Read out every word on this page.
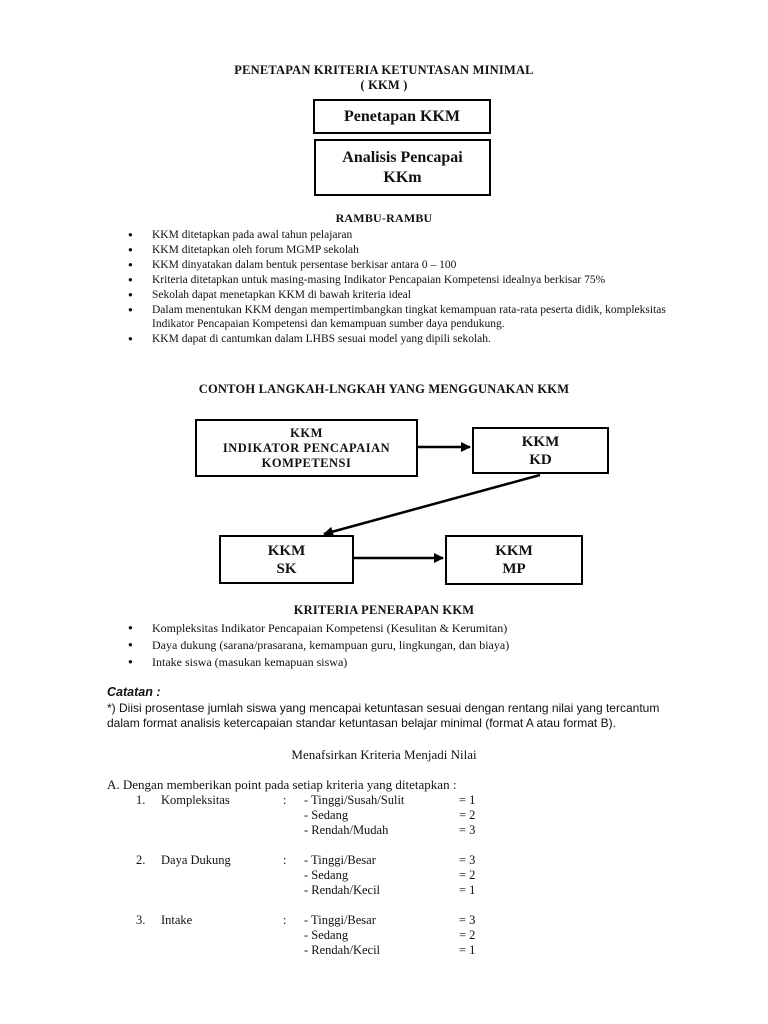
PENETAPAN KRITERIA KETUNTASAN MINIMAL
( KKM )
Penetapan KKM
Analisis Pencapai
KKm
RAMBU-RAMBU
● KKM ditetapkan pada awal tahun pelajaran
● KKM ditetapkan oleh forum MGMP sekolah
● KKM dinyatakan dalam bentuk persentase berkisar antara 0 – 100
● Kriteria ditetapkan untuk masing-masing Indikator Pencapaian Kompetensi idealnya berkisar 75%
● Sekolah dapat menetapkan KKM di bawah kriteria ideal
● Dalam menentukan KKM dengan mempertimbangkan tingkat kemampuan rata-rata peserta didik, kompleksitas Indikator Pencapaian Kompetensi dan kemampuan sumber daya pendukung.
● KKM dapat di cantumkan dalam LHBS sesuai model yang dipili sekolah.
CONTOH LANGKAH-LNGKAH YANG MENGGUNAKAN KKM
KKM
INDIKATOR PENCAPAIAN
KOMPETENSI
KKM
KD
KKM
SK
KKM
MP
KRITERIA PENERAPAN KKM
● Kompleksitas Indikator Pencapaian Kompetensi (Kesulitan & Kerumitan)
● Daya dukung (sarana/prasarana, kemampuan guru, lingkungan, dan biaya)
● Intake siswa (masukan kemapuan siswa)
Catatan :
*) Diisi prosentase jumlah siswa yang mencapai ketuntasan sesuai dengan rentang nilai yang tercantum
dalam format analisis ketercapaian standar ketuntasan belajar minimal (format A atau format B).
Menafsirkan Kriteria Menjadi Nilai
A. Dengan memberikan point pada setiap kriteria yang ditetapkan :
1. Kompleksitas	: - Tinggi/Susah/Sulit	= 1
- Sedang	= 2
- Rendah/Mudah	= 3
2. Daya Dukung	: - Tinggi/Besar	= 3
- Sedang	= 2
- Rendah/Kecil	= 1
3. Intake	: - Tinggi/Besar	= 3
- Sedang	= 2
- Rendah/Kecil	= 1
